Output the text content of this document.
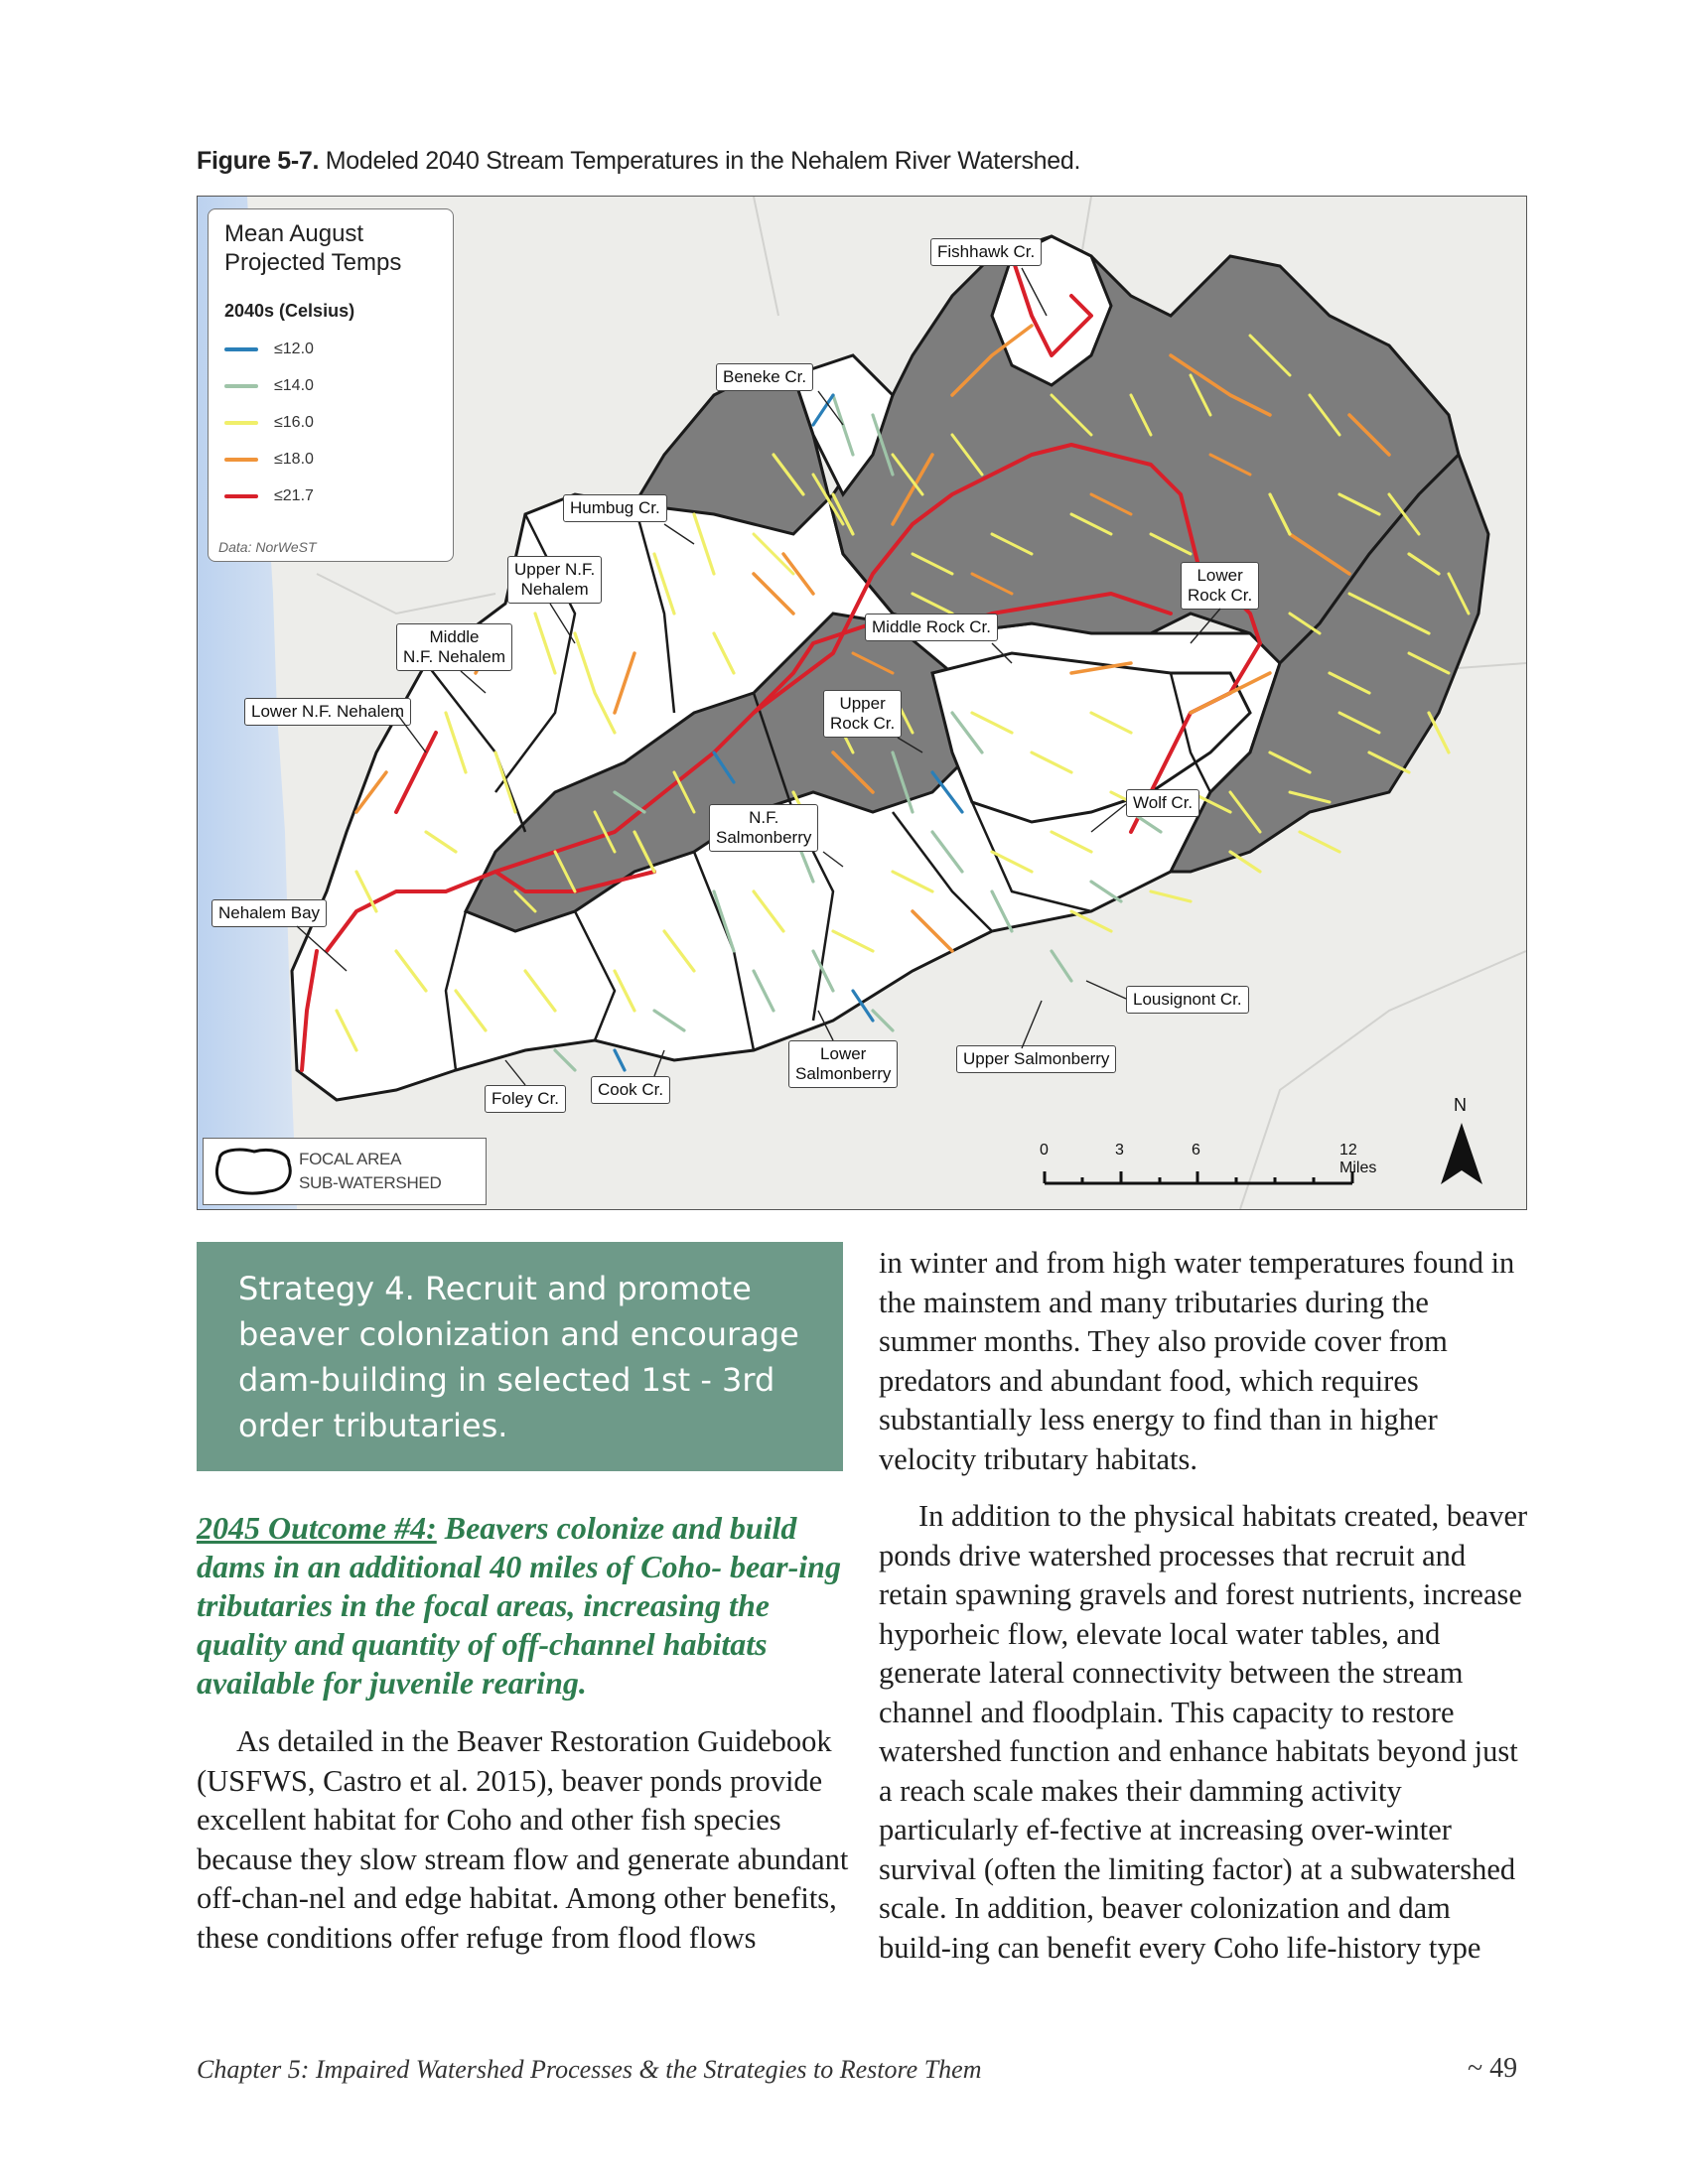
Figure 5-7. Modeled 2040 Stream Temperatures in the Nehalem River Watershed.
Mean August
Projected Temps
2040s (Celsius)
≤12.0
≤14.0
≤16.0
≤18.0
≤21.7
Data: NorWeST
Fishhawk Cr.
Beneke Cr.
Humbug Cr.
Upper N.F.
Nehalem
Middle
N.F. Nehalem
Lower N.F. Nehalem
Middle Rock Cr.
Lower
Rock Cr.
Upper
Rock Cr.
N.F.
Salmonberry
Wolf Cr.
Nehalem Bay
Lousignont Cr.
Upper Salmonberry
Lower
Salmonberry
Cook Cr.
Foley Cr.
FOCAL AREA
SUB-WATERSHED
0	3	6	12 Miles
N
Strategy 4. Recruit and promote beaver colonization and encourage dam-building in selected 1st - 3rd order tributaries.
2045 Outcome #4: Beavers colonize and build dams in an additional 40 miles of Coho- bear-ing tributaries in the focal areas, increasing the quality and quantity of off-channel habitats available for juvenile rearing.

As detailed in the Beaver Restoration Guidebook (USFWS, Castro et al. 2015), beaver ponds provide excellent habitat for Coho and other fish species because they slow stream flow and generate abundant off-chan-nel and edge habitat. Among other benefits, these conditions offer refuge from flood flows

in winter and from high water temperatures found in the mainstem and many tributaries during the summer months. They also provide cover from predators and abundant food, which requires substantially less energy to find than in higher velocity tributary habitats.

In addition to the physical habitats created, beaver ponds drive watershed processes that recruit and retain spawning gravels and forest nutrients, increase hyporheic flow, elevate local water tables, and generate lateral connectivity between the stream channel and floodplain. This capacity to restore watershed function and enhance habitats beyond just a reach scale makes their damming activity particularly ef-fective at increasing over-winter survival (often the limiting factor) at a subwatershed scale. In addition, beaver colonization and dam build-ing can benefit every Coho life-history type

Chapter 5: Impaired Watershed Processes & the Strategies to Restore Them	~ 49
